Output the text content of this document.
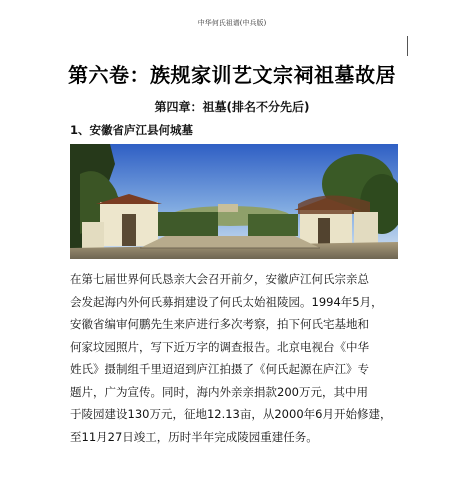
中华何氏祖谱(中兵版)
第六卷：族规家训艺文宗祠祖墓故居
第四章：祖墓(排名不分先后)
1、安徽省庐江县何城墓
在第七届世界何氏恳亲大会召开前夕，安徽庐江何氏宗亲总
会发起海内外何氏募捐建设了何氏太始祖陵园。1994年5月，
安徽省编审何鹏先生来庐进行多次考察，拍下何氏宅基地和
何家坟园照片，写下近万字的调查报告。北京电视台《中华
姓氏》摄制组千里迢迢到庐江拍摄了《何氏起源在庐江》专
题片，广为宣传。同时，海内外亲亲捐款200万元，其中用
于陵园建设130万元，征地12.13亩，从2000年6月开始修建，
至11月27日竣工，历时半年完成陵园重建任务。
